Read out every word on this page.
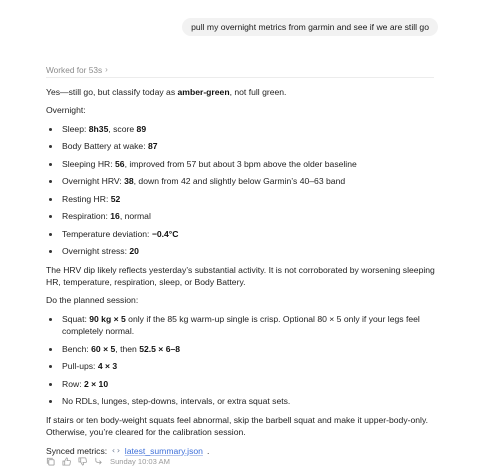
pull my overnight metrics from garmin and see if we are still go
Worked for 53s ›

Yes—still go, but classify today as amber-green, not full green.

Overnight:

• Sleep: 8h35, score 89
• Body Battery at wake: 87
• Sleeping HR: 56, improved from 57 but about 3 bpm above the older baseline
• Overnight HRV: 38, down from 42 and slightly below Garmin’s 40–63 band
• Resting HR: 52
• Respiration: 16, normal
• Temperature deviation: −0.4°C
• Overnight stress: 20

The HRV dip likely reflects yesterday’s substantial activity. It is not corroborated by worsening sleeping HR, temperature, respiration, sleep, or Body Battery.

Do the planned session:

• Squat: 90 kg × 5 only if the 85 kg warm-up single is crisp. Optional 80 × 5 only if your legs feel completely normal.
• Bench: 60 × 5, then 52.5 × 6–8
• Pull-ups: 4 × 3
• Row: 2 × 10
• No RDLs, lunges, step-downs, intervals, or extra squat sets.

If stairs or ten body-weight squats feel abnormal, skip the barbell squat and make it upper-body-only. Otherwise, you’re cleared for the calibration session.

Synced metrics: ‹› latest_summary.json .

Sunday 10:03 AM
